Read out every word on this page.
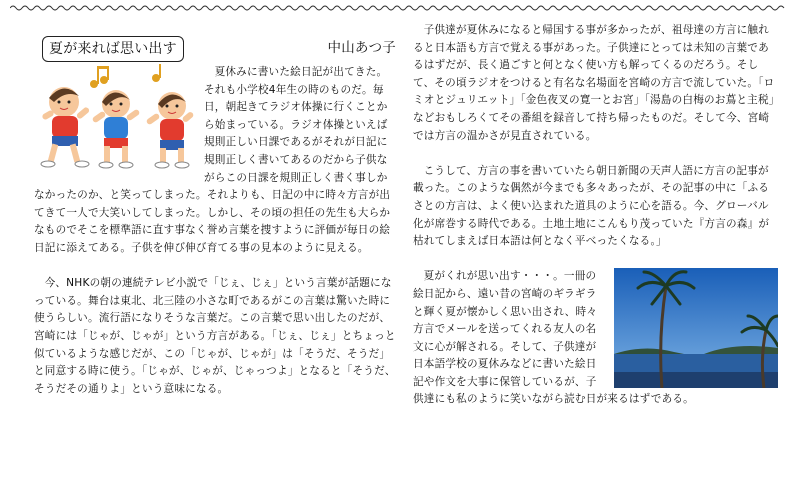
夏が来れば思い出す	中山あつ子

夏休みに書いた絵日記が出てきた。それも小学校4年生の時のものだ。毎日，朝起きてラジオ体操に行くことから始まっている。ラジオ体操といえば規則正しい日課であるがそれが日記に規則正しく書いてあるのだから子供ながらこの日課を規則正しく書く事しかなかったのか、と笑ってしまった。それよりも、日記の中に時々方言が出てきて一人で大笑いしてしまった。しかし、その頃の担任の先生も大らかなものでそこを標準語に直す事なく誉め言葉を捜すように評価が毎日の絵日記に添えてある。子供を伸び伸び育てる事の見本のように見える。

今、NHKの朝の連続テレビ小説で「じぇ、じぇ」という言葉が話題になっている。舞台は東北、北三陸の小さな町であるがこの言葉は驚いた時に使うらしい。流行語になりそうな言葉だ。この言葉で思い出したのだが、宮崎には「じゃが、じゃが」という方言がある。「じぇ、じぇ」とちょっと似ているような感じだが、この「じゃが、じゃが」は「そうだ、そうだ」と同意する時に使う。「じゃが、じゃが、じゃっつよ」となると「そうだ、そうだその通りよ」という意味になる。

子供達が夏休みになると帰国する事が多かったが、祖母達の方言に触れると日本語も方言で覚える事があった。子供達にとっては未知の言葉であるはずだが、長く過ごすと何となく使い方も解ってくるのだろう。そして、その頃ラジオをつけると有名な名場面を宮崎の方言で流していた。「ロミオとジュリエット」「金色夜叉の寛一とお宮」「湯島の白梅のお蔦と主税」などおもしろくてその番組を録音して持ち帰ったものだ。そして今、宮崎では方言の温かさが見直されている。

こうして、方言の事を書いていたら朝日新聞の天声人語に方言の記事が載った。このような偶然が今までも多々あったが、その記事の中に「ふるさとの方言は、よく使い込まれた道具のように心を語る。今、グローバル化が席巻する時代である。土地土地にこんもり茂っていた『方言の森』が枯れてしまえば日本語は何となく平べったくなる。」

夏がくれが思い出す・・・。一冊の絵日記から、遠い昔の宮崎のギラギラと輝く夏が懐かしく思い出され、時々方言でメールを送ってくれる友人の名文に心が解される。そして、子供達が日本語学校の夏休みなどに書いた絵日記や作文を大事に保管しているが、子供達にも私のように笑いながら読む日が来るはずである。
